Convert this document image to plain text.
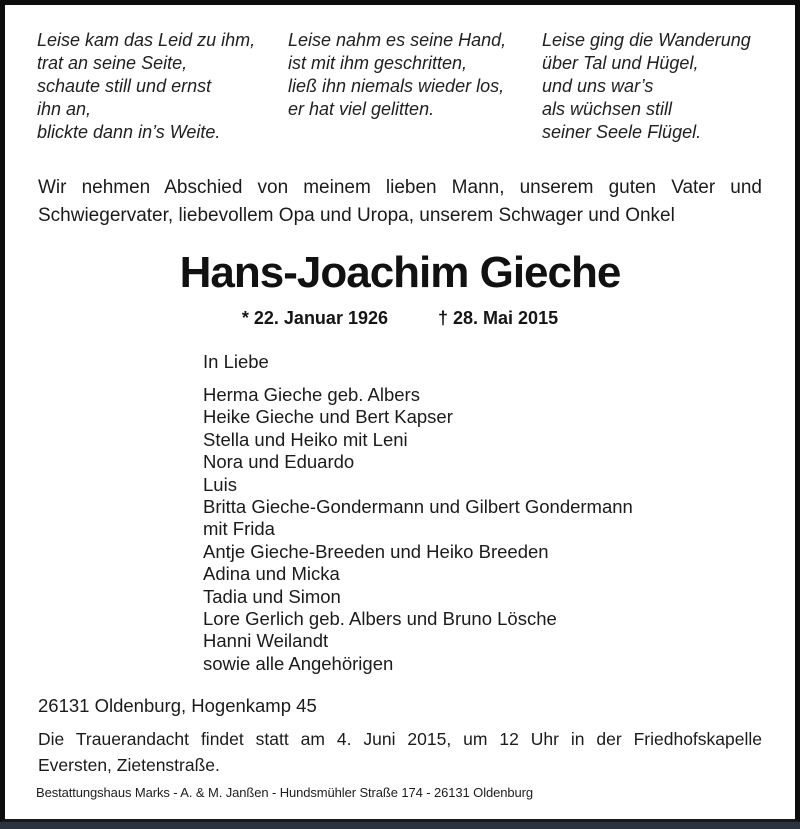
Leise kam das Leid zu ihm,
trat an seine Seite,
schaute still und ernst
ihn an,
blickte dann in’s Weite.
Leise nahm es seine Hand,
ist mit ihm geschritten,
ließ ihn niemals wieder los,
er hat viel gelitten.
Leise ging die Wanderung
über Tal und Hügel,
und uns war’s
als wüchsen still
seiner Seele Flügel.
Wir nehmen Abschied von meinem lieben Mann, unserem guten Vater und
Schwiegervater, liebevollem Opa und Uropa, unserem Schwager und Onkel
Hans-Joachim Gieche
* 22. Januar 1926	† 28. Mai 2015
In Liebe
Herma Gieche geb. Albers
Heike Gieche und Bert Kapser
Stella und Heiko mit Leni
Nora und Eduardo
Luis
Britta Gieche-Gondermann und Gilbert Gondermann
mit Frida
Antje Gieche-Breeden und Heiko Breeden
Adina und Micka
Tadia und Simon
Lore Gerlich geb. Albers und Bruno Lösche
Hanni Weilandt
sowie alle Angehörigen
26131 Oldenburg, Hogenkamp 45
Die Trauerandacht findet statt am 4. Juni 2015, um 12 Uhr in der Friedhofskapelle
Eversten, Zietenstraße.
Bestattungshaus Marks - A. & M. Janßen - Hundsmühler Straße 174 - 26131 Oldenburg
